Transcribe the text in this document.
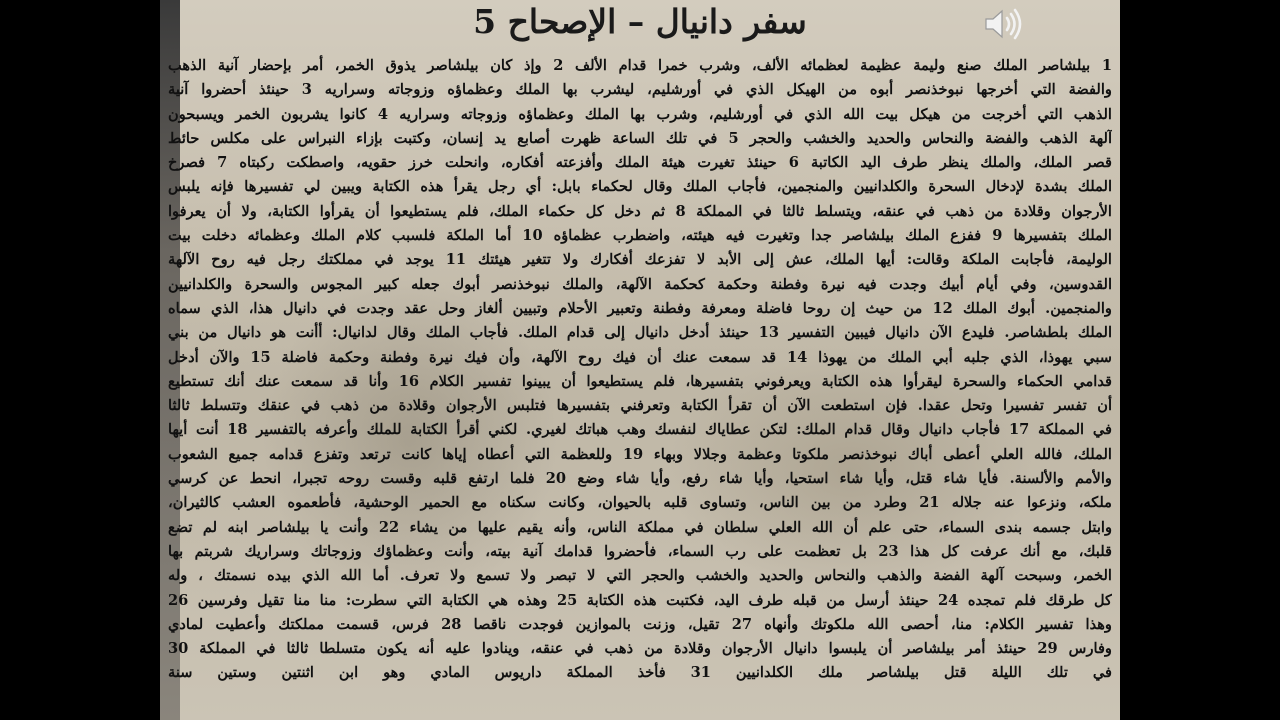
سفر دانيال – الإصحاح 5
1 بيلشاصر الملك صنع وليمة عظيمة لعظمائه الألف، وشرب خمرا قدام الألف 2 وإذ كان بيلشاصر يذوق الخمر، أمر بإحضار آنية الذهب
والفضة التي أخرجها نبوخذنصر أبوه من الهيكل الذي في أورشليم، ليشرب بها الملك وعظماؤه وزوجاته وسراريه 3 حينئذ أحضروا آنية
الذهب التي أخرجت من هيكل بيت الله الذي في أورشليم، وشرب بها الملك وعظماؤه وزوجاته وسراريه 4 كانوا يشربون الخمر ويسبحون
آلهة الذهب والفضة والنحاس والحديد والخشب والحجر 5 في تلك الساعة ظهرت أصابع يد إنسان، وكتبت بإزاء النبراس على مكلس حائط
قصر الملك، والملك ينظر طرف اليد الكاتبة 6 حينئذ تغيرت هيئة الملك وأفزعته أفكاره، وانحلت خرز حقويه، واصطكت ركبتاه 7 فصرخ
الملك بشدة لإدخال السحرة والكلدانيين والمنجمين، فأجاب الملك وقال لحكماء بابل: أي رجل يقرأ هذه الكتابة ويبين لي تفسيرها فإنه يلبس
الأرجوان وقلادة من ذهب في عنقه، ويتسلط ثالثا في المملكة 8 ثم دخل كل حكماء الملك، فلم يستطيعوا أن يقرأوا الكتابة، ولا أن يعرفوا
الملك بتفسيرها 9 ففزع الملك بيلشاصر جدا وتغيرت فيه هيئته، واضطرب عظماؤه 10 أما الملكة فلسبب كلام الملك وعظمائه دخلت بيت
الوليمة، فأجابت الملكة وقالت: أيها الملك، عش إلى الأبد لا تفزعك أفكارك ولا تتغير هيئتك 11 يوجد في مملكتك رجل فيه روح الآلهة
القدوسين، وفي أيام أبيك وجدت فيه نيرة وفطنة وحكمة كحكمة الآلهة، والملك نبوخذنصر أبوك جعله كبير المجوس والسحرة والكلدانيين
والمنجمين. أبوك الملك 12 من حيث إن روحا فاضلة ومعرفة وفطنة وتعبير الأحلام وتبيين ألغاز وحل عقد وجدت في دانيال هذا، الذي سماه
الملك بلطشاصر. فليدع الآن دانيال فيبين التفسير 13 حينئذ أدخل دانيال إلى قدام الملك. فأجاب الملك وقال لدانيال: أأنت هو دانيال من بني
سبي يهوذا، الذي جلبه أبي الملك من يهوذا 14 قد سمعت عنك أن فيك روح الآلهة، وأن فيك نيرة وفطنة وحكمة فاضلة 15 والآن أدخل
قدامي الحكماء والسحرة ليقرأوا هذه الكتابة ويعرفوني بتفسيرها، فلم يستطيعوا أن يبينوا تفسير الكلام 16 وأنا قد سمعت عنك أنك تستطيع
أن تفسر تفسيرا وتحل عقدا. فإن استطعت الآن أن تقرأ الكتابة وتعرفني بتفسيرها فتلبس الأرجوان وقلادة من ذهب في عنقك وتتسلط ثالثا
في المملكة 17 فأجاب دانيال وقال قدام الملك: لتكن عطاياك لنفسك وهب هباتك لغيري. لكني أقرأ الكتابة للملك وأعرفه بالتفسير 18 أنت أيها
الملك، فالله العلي أعطى أباك نبوخذنصر ملكوتا وعظمة وجلالا وبهاء 19 وللعظمة التي أعطاه إياها كانت ترتعد وتفزع قدامه جميع الشعوب
والأمم والألسنة. فأيا شاء قتل، وأيا شاء استحيا، وأيا شاء رفع، وأيا شاء وضع 20 فلما ارتفع قلبه وقست روحه تجبرا، انحط عن كرسي
ملكه، ونزعوا عنه جلاله 21 وطرد من بين الناس، وتساوى قلبه بالحيوان، وكانت سكناه مع الحمير الوحشية، فأطعموه العشب كالثيران،
وابتل جسمه بندى السماء، حتى علم أن الله العلي سلطان في مملكة الناس، وأنه يقيم عليها من يشاء 22 وأنت يا بيلشاصر ابنه لم تضع
قلبك، مع أنك عرفت كل هذا 23 بل تعظمت على رب السماء، فأحضروا قدامك آنية بيته، وأنت وعظماؤك وزوجاتك وسراريك شربتم بها
الخمر، وسبحت آلهة الفضة والذهب والنحاس والحديد والخشب والحجر التي لا تبصر ولا تسمع ولا تعرف. أما الله الذي بيده نسمتك ، وله
كل طرقك فلم تمجده 24 حينئذ أرسل من قبله طرف اليد، فكتبت هذه الكتابة 25 وهذه هي الكتابة التي سطرت: منا منا تقيل وفرسين 26
وهذا تفسير الكلام: منا، أحصى الله ملكوتك وأنهاه 27 تقيل، وزنت بالموازين فوجدت ناقصا 28 فرس، قسمت مملكتك وأعطيت لمادي
وفارس 29 حينئذ أمر بيلشاصر أن يلبسوا دانيال الأرجوان وقلادة من ذهب في عنقه، وينادوا عليه أنه يكون متسلطا ثالثا في المملكة 30
في تلك الليلة قتل بيلشاصر ملك الكلدانيين 31 فأخذ المملكة داريوس المادي وهو ابن اثنتين وستين سنة
